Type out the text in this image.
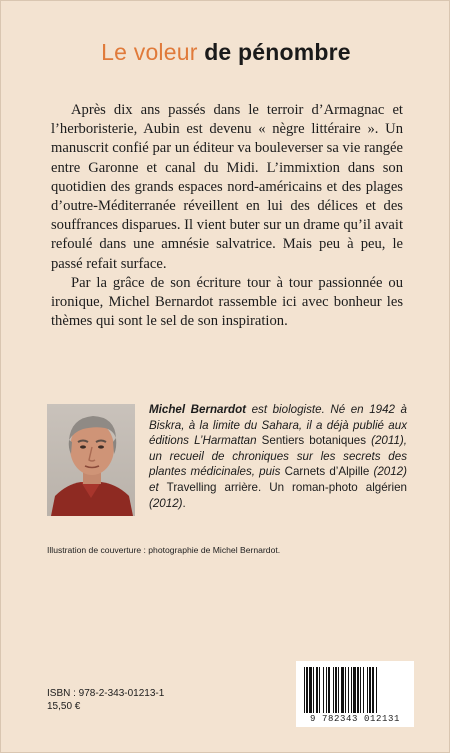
Le voleur de pénombre

Après dix ans passés dans le terroir d’Armagnac et l’herboristerie, Aubin est devenu « nègre littéraire ». Un manuscrit confié par un éditeur va bouleverser sa vie rangée entre Garonne et canal du Midi. L’immixtion dans son quotidien des grands espaces nord-américains et des plages d’outre-Méditerranée réveillent en lui des délices et des souffrances disparues. Il vient buter sur un drame qu’il avait refoulé dans une amnésie salvatrice. Mais peu à peu, le passé refait surface.

Par la grâce de son écriture tour à tour passionnée ou ironique, Michel Bernardot rassemble ici avec bonheur les thèmes qui sont le sel de son inspiration.

Michel Bernardot est biologiste. Né en 1942 à Biskra, à la limite du Sahara, il a déjà publié aux éditions L’Harmattan Sentiers botaniques (2011), un recueil de chroniques sur les secrets des plantes médicinales, puis Carnets d’Alpille (2012) et Travelling arrière. Un roman-photo algérien (2012).
Illustration de couverture : photographie de Michel Bernardot.
ISBN : 978-2-343-01213-1
15,50 €
9 782343 012131
